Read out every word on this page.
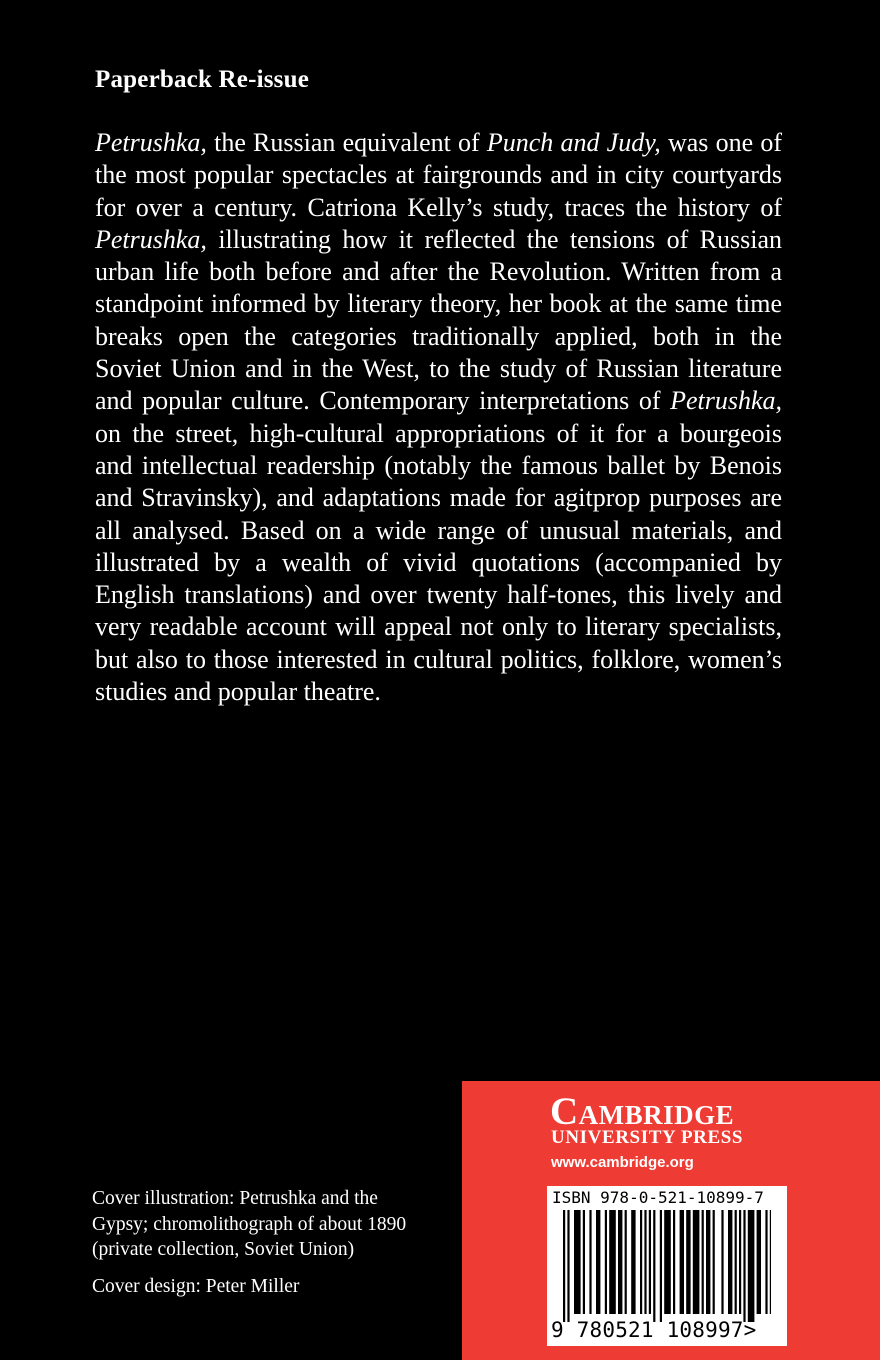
Paperback Re-issue

Petrushka, the Russian equivalent of Punch and Judy, was one of the most popular spectacles at fairgrounds and in city courtyards for over a century. Catriona Kelly’s study, traces the history of Petrushka, illustrating how it reflected the tensions of Russian urban life both before and after the Revolution. Written from a standpoint informed by literary theory, her book at the same time breaks open the categories traditionally applied, both in the Soviet Union and in the West, to the study of Russian literature and popular culture. Contemporary interpretations of Petrushka, on the street, high-cultural appropriations of it for a bourgeois and intellectual readership (notably the famous ballet by Benois and Stravinsky), and adaptations made for agitprop purposes are all analysed. Based on a wide range of unusual materials, and illustrated by a wealth of vivid quotations (accompanied by English translations) and over twenty half-tones, this lively and very readable account will appeal not only to literary specialists, but also to those interested in cultural politics, folklore, women’s studies and popular theatre.

Cover illustration: Petrushka and the
Gypsy; chromolithograph of about 1890
(private collection, Soviet Union)

Cover design: Peter Miller

Cambridge
UNIVERSITY PRESS
www.cambridge.org
ISBN 978-0-521-10899-7
9 780521 108997>
